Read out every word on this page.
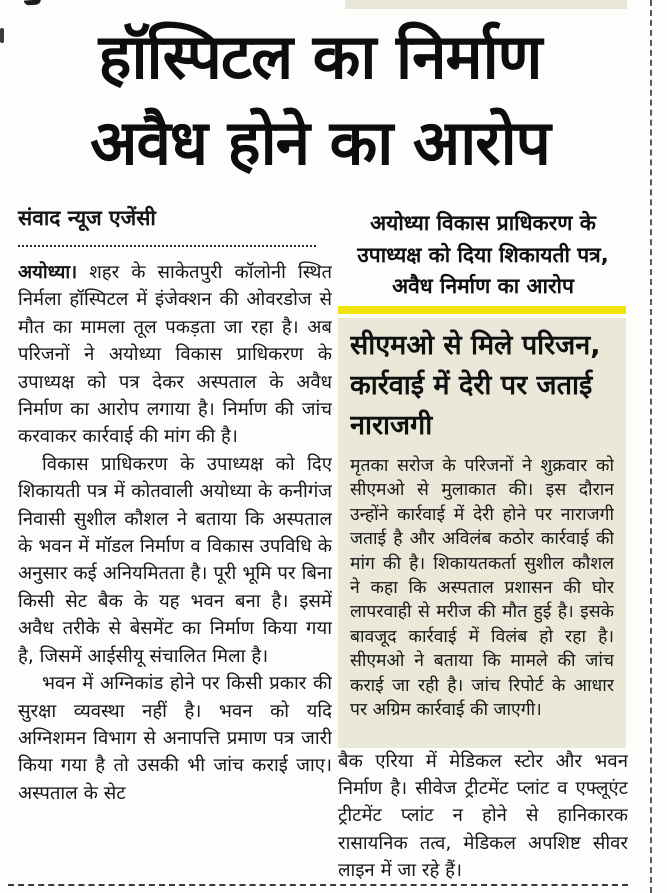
हॉस्पिटल का निर्माण
अवैध होने का आरोप
संवाद न्यूज एजेंसी

अयोध्या। शहर के साकेतपुरी कॉलोनी स्थित निर्मला हॉस्पिटल में इंजेक्शन की ओवरडोज से मौत का मामला तूल पकड़ता जा रहा है। अब परिजनों ने अयोध्या विकास प्राधिकरण के उपाध्यक्ष को पत्र देकर अस्पताल के अवैध निर्माण का आरोप लगाया है। निर्माण की जांच करवाकर कार्रवाई की मांग की है।

विकास प्राधिकरण के उपाध्यक्ष को दिए शिकायती पत्र में कोतवाली अयोध्या के कनीगंज निवासी सुशील कौशल ने बताया कि अस्पताल के भवन में मॉडल निर्माण व विकास उपविधि के अनुसार कई अनियमितता है। पूरी भूमि पर बिना किसी सेट बैक के यह भवन बना है। इसमें अवैध तरीके से बेसमेंट का निर्माण किया गया है, जिसमें आईसीयू संचालित मिला है।

भवन में अग्निकांड होने पर किसी प्रकार की सुरक्षा व्यवस्था नहीं है। भवन को यदि अग्निशमन विभाग से अनापत्ति प्रमाण पत्र जारी किया गया है तो उसकी भी जांच कराई जाए। अस्पताल के सेट

अयोध्या विकास प्राधिकरण के उपाध्यक्ष को दिया शिकायती पत्र, अवैध निर्माण का आरोप
सीएमओ से मिले परिजन, कार्रवाई में देरी पर जताई नाराजगी
मृतका सरोज के परिजनों ने शुक्रवार को सीएमओ से मुलाकात की। इस दौरान उन्होंने कार्रवाई में देरी होने पर नाराजगी जताई है और अविलंब कठोर कार्रवाई की मांग की है। शिकायतकर्ता सुशील कौशल ने कहा कि अस्पताल प्रशासन की घोर लापरवाही से मरीज की मौत हुई है। इसके बावजूद कार्रवाई में विलंब हो रहा है। सीएमओ ने बताया कि मामले की जांच कराई जा रही है। जांच रिपोर्ट के आधार पर अग्रिम कार्रवाई की जाएगी।
बैक एरिया में मेडिकल स्टोर और भवन निर्माण है। सीवेज ट्रीटमेंट प्लांट व एफ्लूएंट ट्रीटमेंट प्लांट न होने से हानिकारक रासायनिक तत्व, मेडिकल अपशिष्ट सीवर लाइन में जा रहे हैं।
